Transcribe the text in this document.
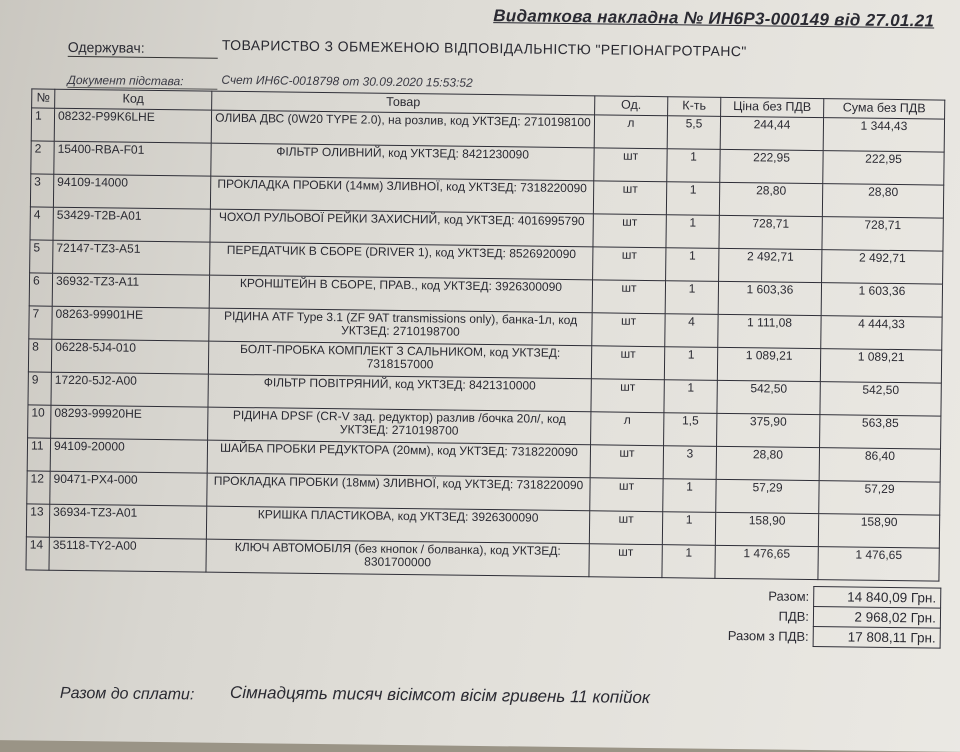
Видаткова накладна № ИН6Р3-000149 від 27.01.21
Одержувач:	ТОВАРИСТВО З ОБМЕЖЕНОЮ ВІДПОВІДАЛЬНІСТЮ "РЕГІОНАГРОТРАНС"
Документ підстава:	Счет ИН6С-0018798 от 30.09.2020 15:53:52
№	Код	Товар	Од.	К-ть	Ціна без ПДВ	Сума без ПДВ
1	08232-P99K6LHE	ОЛИВА ДВС (0W20 TYPE 2.0), на розлив, код УКТЗЕД: 2710198100	л	5,5	244,44	1 344,43
2	15400-RBA-F01	ФІЛЬТР ОЛИВНИЙ, код УКТЗЕД: 8421230090	шт	1	222,95	222,95
3	94109-14000	ПРОКЛАДКА ПРОБКИ (14мм) ЗЛИВНОЇ, код УКТЗЕД: 7318220090	шт	1	28,80	28,80
4	53429-T2B-A01	ЧОХОЛ РУЛЬОВОЇ РЕЙКИ ЗАХИСНИЙ, код УКТЗЕД: 4016995790	шт	1	728,71	728,71
5	72147-TZ3-A51	ПЕРЕДАТЧИК В СБОРЕ (DRIVER 1), код УКТЗЕД: 8526920090	шт	1	2 492,71	2 492,71
6	36932-TZ3-A11	КРОНШТЕЙН В СБОРЕ, ПРАВ., код УКТЗЕД: 3926300090	шт	1	1 603,36	1 603,36
7	08263-99901HE	РІДИНА ATF Type 3.1 (ZF 9AT transmissions only), банка-1л, код УКТЗЕД: 2710198700	шт	4	1 111,08	4 444,33
8	06228-5J4-010	БОЛТ-ПРОБКА КОМПЛЕКТ З САЛЬНИКОМ, код УКТЗЕД: 7318157000	шт	1	1 089,21	1 089,21
9	17220-5J2-A00	ФІЛЬТР ПОВІТРЯНИЙ, код УКТЗЕД: 8421310000	шт	1	542,50	542,50
10	08293-99920HE	РІДИНА DPSF (CR-V зад. редуктор) разлив /бочка 20л/, код УКТЗЕД: 2710198700	л	1,5	375,90	563,85
11	94109-20000	ШАЙБА ПРОБКИ РЕДУКТОРА (20мм), код УКТЗЕД: 7318220090	шт	3	28,80	86,40
12	90471-PX4-000	ПРОКЛАДКА ПРОБКИ (18мм) ЗЛИВНОЇ, код УКТЗЕД: 7318220090	шт	1	57,29	57,29
13	36934-TZ3-A01	КРИШКА ПЛАСТИКОВА, код УКТЗЕД: 3926300090	шт	1	158,90	158,90
14	35118-TY2-A00	КЛЮЧ АВТОМОБІЛЯ (без кнопок / болванка), код УКТЗЕД: 8301700000	шт	1	1 476,65	1 476,65
Разом:	14 840,09 Грн.
ПДВ:	2 968,02 Грн.
Разом з ПДВ:	17 808,11 Грн.
Разом до сплати: Сімнадцять тисяч вісімсот вісім гривень 11 копійок
